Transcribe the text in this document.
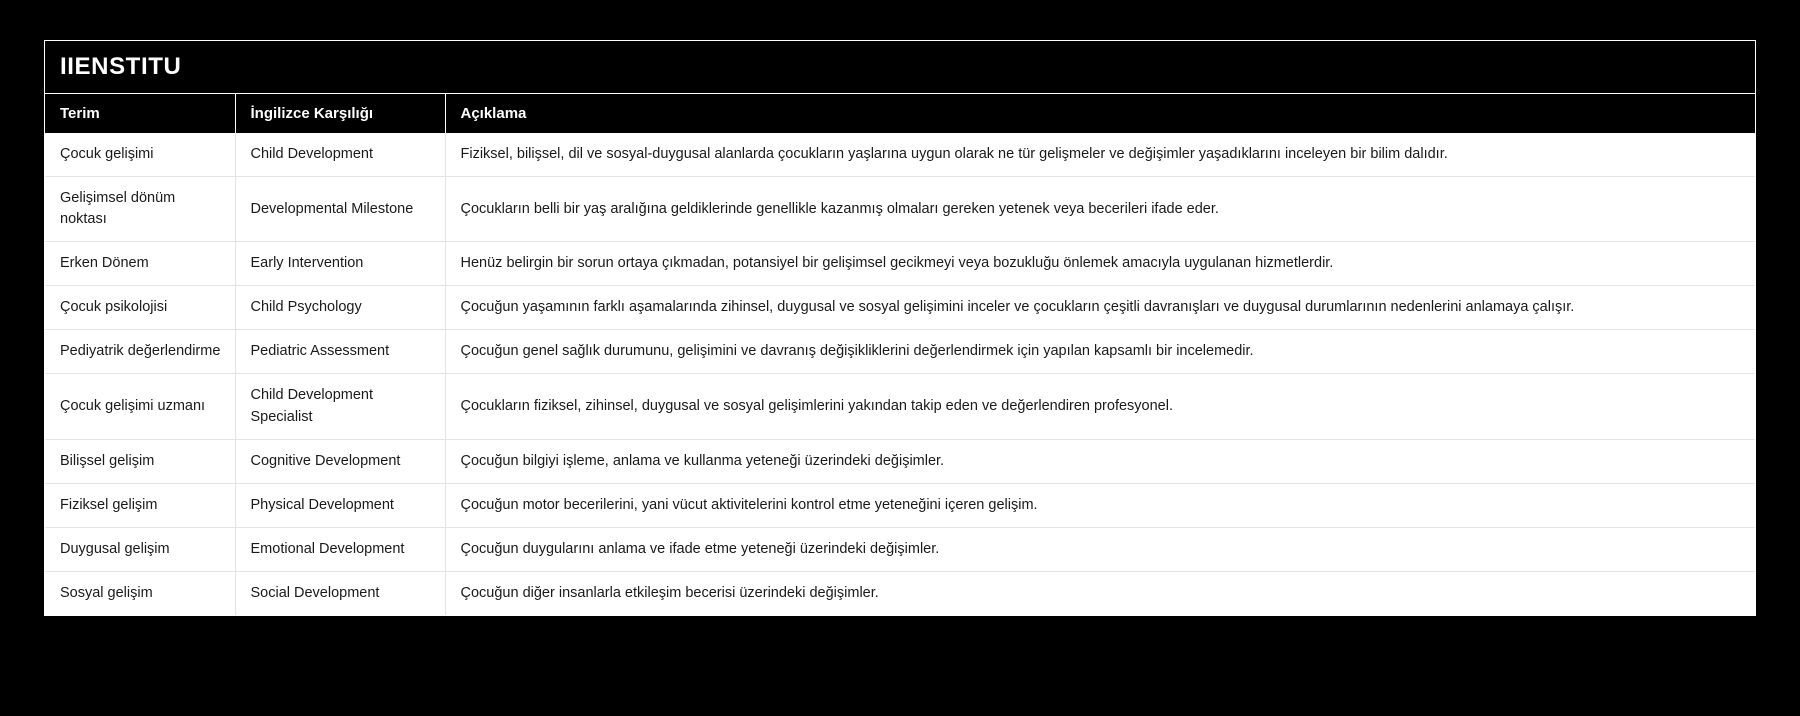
IIENSTITU
Terim	İngilizce Karşılığı	Açıklama
Çocuk gelişimi	Child Development	Fiziksel, bilişsel, dil ve sosyal-duygusal alanlarda çocukların yaşlarına uygun olarak ne tür gelişmeler ve değişimler yaşadıklarını inceleyen bir bilim dalıdır.
Gelişimsel dönüm noktası	Developmental Milestone	Çocukların belli bir yaş aralığına geldiklerinde genellikle kazanmış olmaları gereken yetenek veya becerileri ifade eder.
Erken Dönem	Early Intervention	Henüz belirgin bir sorun ortaya çıkmadan, potansiyel bir gelişimsel gecikmeyi veya bozukluğu önlemek amacıyla uygulanan hizmetlerdir.
Çocuk psikolojisi	Child Psychology	Çocuğun yaşamının farklı aşamalarında zihinsel, duygusal ve sosyal gelişimini inceler ve çocukların çeşitli davranışları ve duygusal durumlarının nedenlerini anlamaya çalışır.
Pediyatrik değerlendirme	Pediatric Assessment	Çocuğun genel sağlık durumunu, gelişimini ve davranış değişikliklerini değerlendirmek için yapılan kapsamlı bir incelemedir.
Çocuk gelişimi uzmanı	Child Development Specialist	Çocukların fiziksel, zihinsel, duygusal ve sosyal gelişimlerini yakından takip eden ve değerlendiren profesyonel.
Bilişsel gelişim	Cognitive Development	Çocuğun bilgiyi işleme, anlama ve kullanma yeteneği üzerindeki değişimler.
Fiziksel gelişim	Physical Development	Çocuğun motor becerilerini, yani vücut aktivitelerini kontrol etme yeteneğini içeren gelişim.
Duygusal gelişim	Emotional Development	Çocuğun duygularını anlama ve ifade etme yeteneği üzerindeki değişimler.
Sosyal gelişim	Social Development	Çocuğun diğer insanlarla etkileşim becerisi üzerindeki değişimler.
